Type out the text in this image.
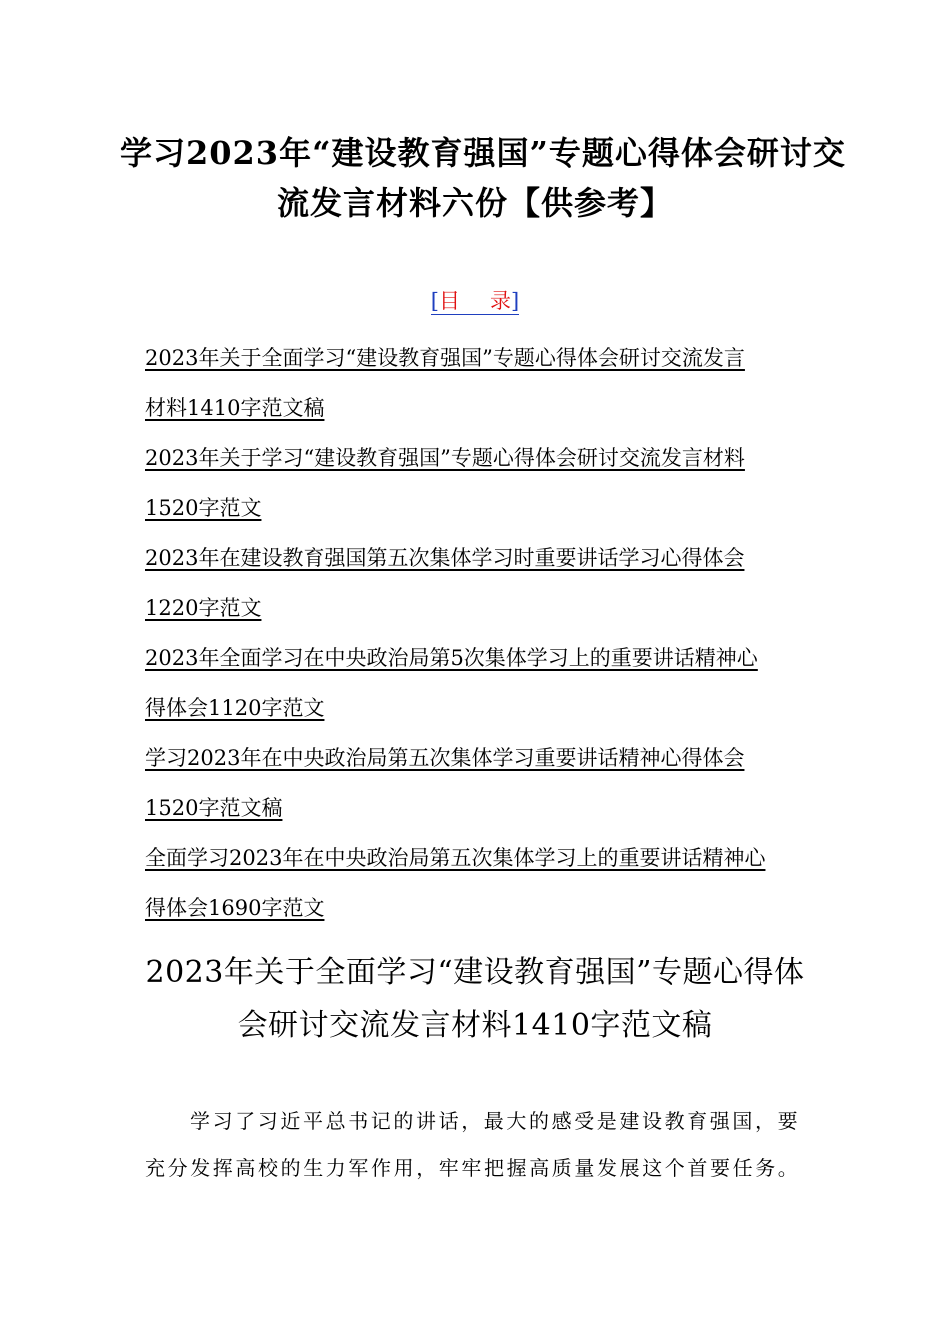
学习2023年“建设教育强国”专题心得体会研讨交
流发言材料六份【供参考】
[目 录]
2023年关于全面学习“建设教育强国”专题心得体会研讨交流发言
材料1410字范文稿
2023年关于学习“建设教育强国”专题心得体会研讨交流发言材料
1520字范文
2023年在建设教育强国第五次集体学习时重要讲话学习心得体会
1220字范文
2023年全面学习在中央政治局第5次集体学习上的重要讲话精神心
得体会1120字范文
学习2023年在中央政治局第五次集体学习重要讲话精神心得体会
1520字范文稿
全面学习2023年在中央政治局第五次集体学习上的重要讲话精神心
得体会1690字范文
2023年关于全面学习“建设教育强国”专题心得体
会研讨交流发言材料1410字范文稿
学习了习近平总书记的讲话，最大的感受是建设教育强国，要
充分发挥高校的生力军作用，牢牢把握高质量发展这个首要任务。
